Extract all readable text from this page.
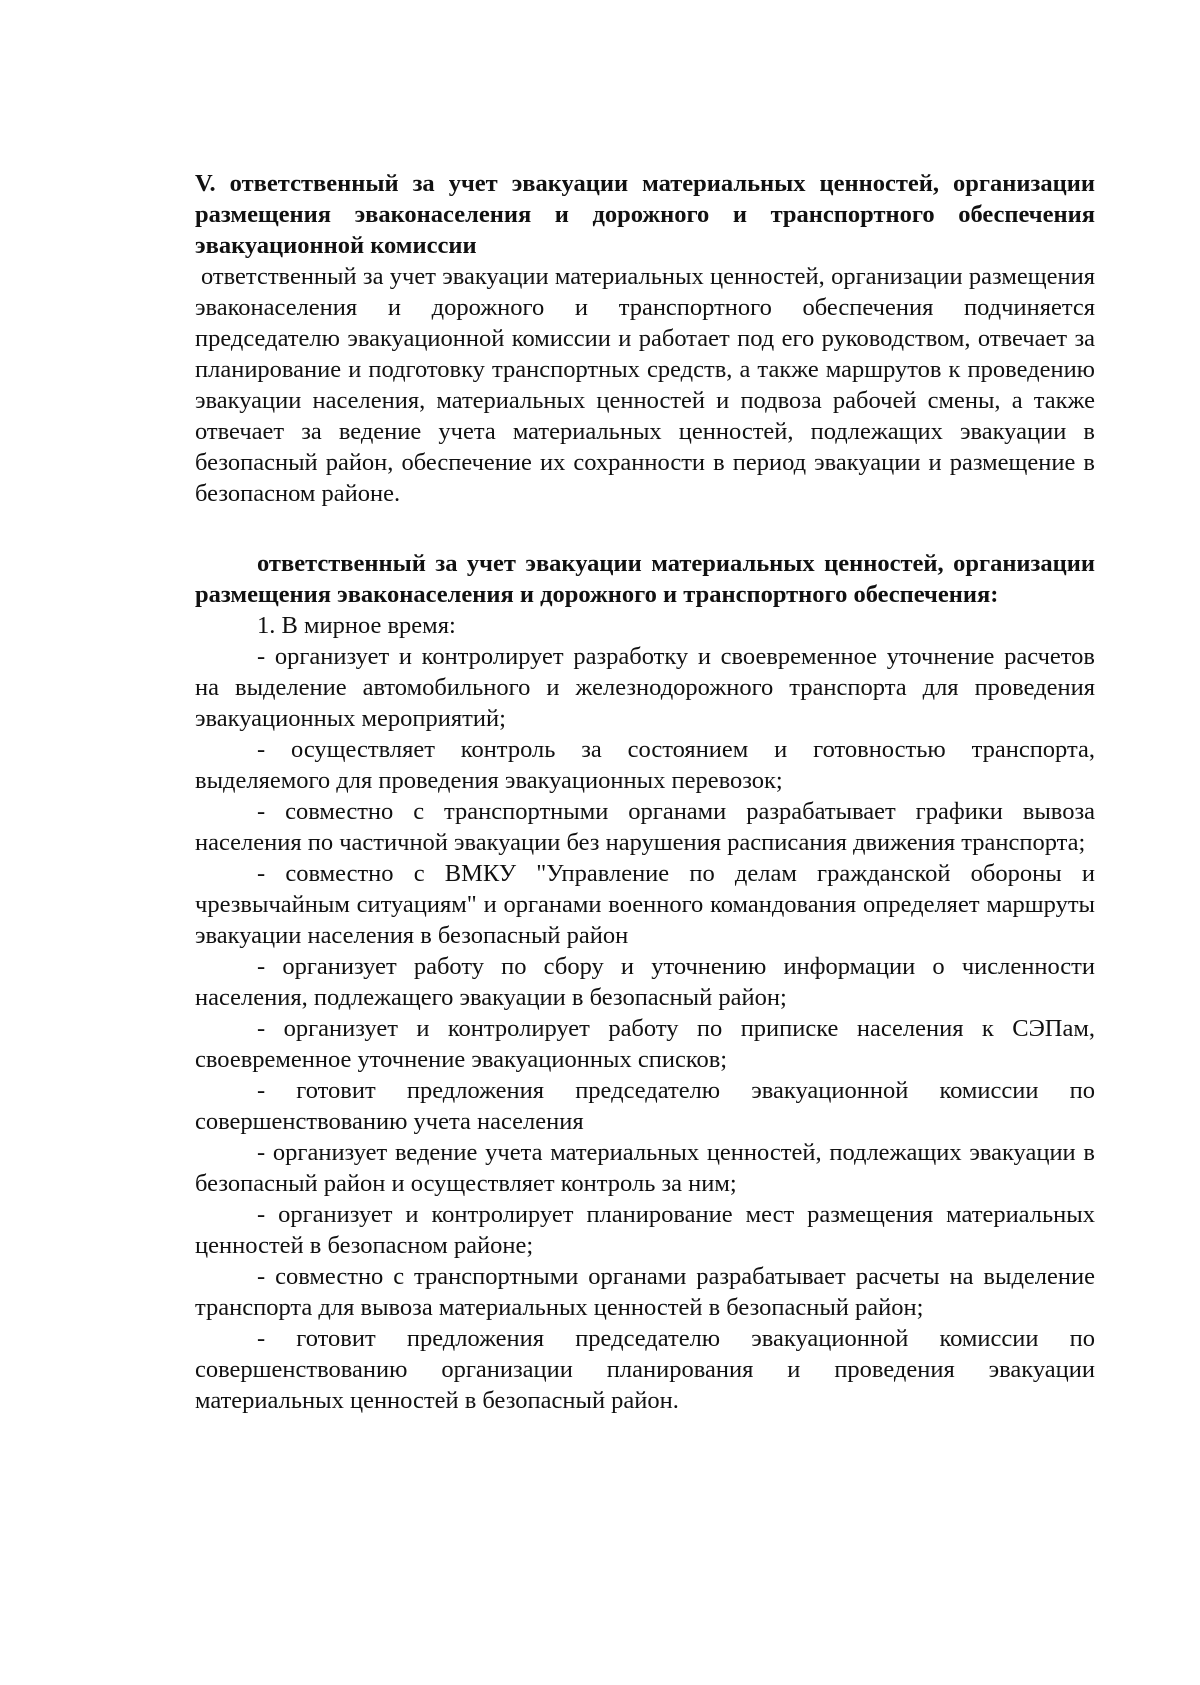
V. ответственный за учет эвакуации материальных ценностей, организации размещения эваконаселения и дорожного и транспортного обеспечения эвакуационной комиссии

ответственный за учет эвакуации материальных ценностей, организации размещения эваконаселения и дорожного и транспортного обеспечения подчиняется председателю эвакуационной комиссии и работает под его руководством, отвечает за планирование и подготовку транспортных средств, а также маршрутов к проведению эвакуации населения, материальных ценностей и подвоза рабочей смены, а также отвечает за ведение учета материальных ценностей, подлежащих эвакуации в безопасный район, обеспечение их сохранности в период эвакуации и размещение в безопасном районе.

ответственный за учет эвакуации материальных ценностей, организации размещения эваконаселения и дорожного и транспортного обеспечения:

1. В мирное время:

- организует и контролирует разработку и своевременное уточнение расчетов на выделение автомобильного и железнодорожного транспорта для проведения эвакуационных мероприятий;

- осуществляет контроль за состоянием и готовностью транспорта, выделяемого для проведения эвакуационных перевозок;

- совместно с транспортными органами разрабатывает графики вывоза населения по частичной эвакуации без нарушения расписания движения транспорта;

- совместно с ВМКУ "Управление по делам гражданской обороны и чрезвычайным ситуациям" и органами военного командования определяет маршруты эвакуации населения в безопасный район

- организует работу по сбору и уточнению информации о численности населения, подлежащего эвакуации в безопасный район;

- организует и контролирует работу по приписке населения к СЭПам, своевременное уточнение эвакуационных списков;

- готовит предложения председателю эвакуационной комиссии по совершенствованию учета населения

- организует ведение учета материальных ценностей, подлежащих эвакуации в безопасный район и осуществляет контроль за ним;

- организует и контролирует планирование мест размещения материальных ценностей в безопасном районе;

- совместно с транспортными органами разрабатывает расчеты на выделение транспорта для вывоза материальных ценностей в безопасный район;

- готовит предложения председателю эвакуационной комиссии по совершенствованию организации планирования и проведения эвакуации материальных ценностей в безопасный район.
